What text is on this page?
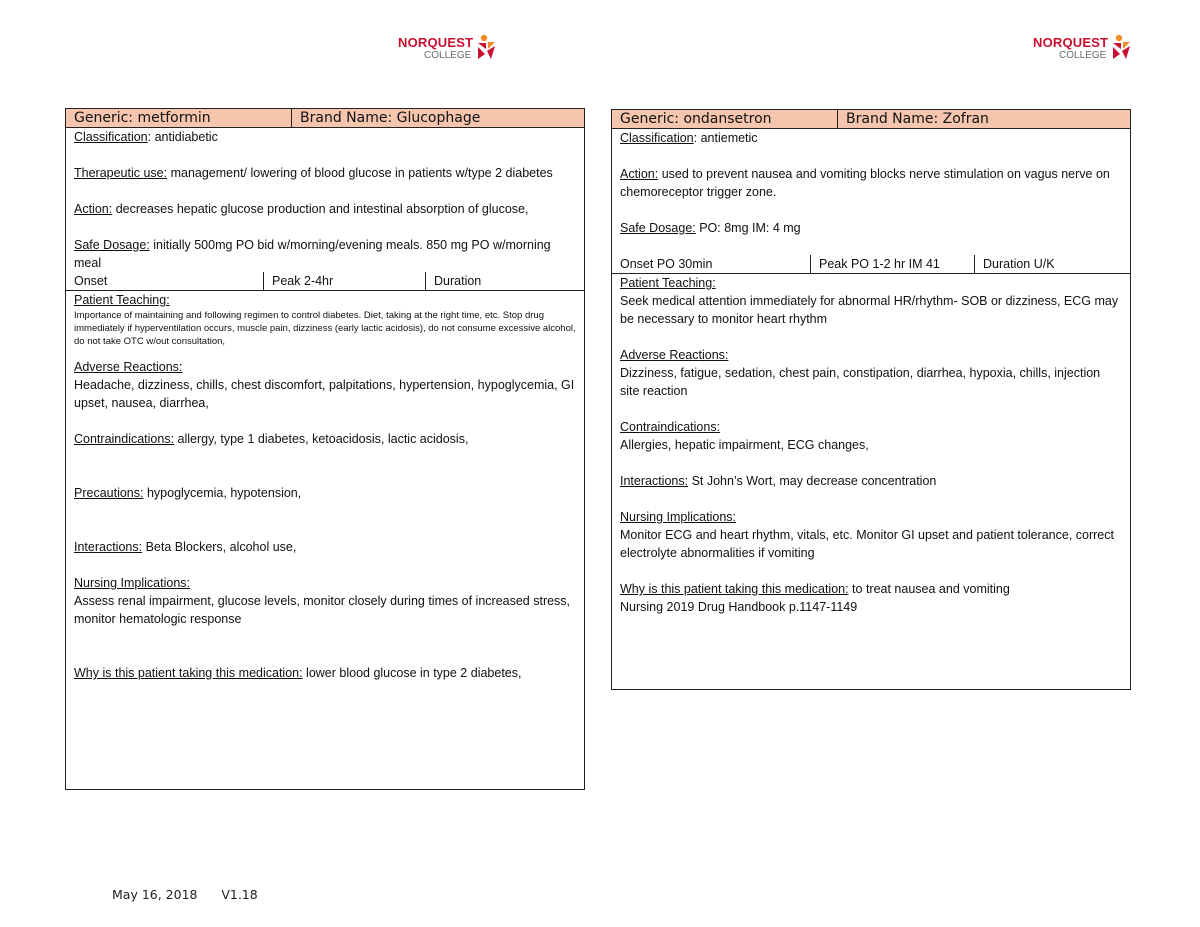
NORQUEST
COLLEGE
NORQUEST
COLLEGE
Generic: metformin	Brand Name: Glucophage

Classification: antidiabetic

Therapeutic use: management/ lowering of blood glucose in patients w/type 2 diabetes

Action: decreases hepatic glucose production and intestinal absorption of glucose,

Safe Dosage: initially 500mg PO bid w/morning/evening meals. 850 mg PO w/morning meal

Onset	Peak 2-4hr	Duration

Patient Teaching:

Importance of maintaining and following regimen to control diabetes. Diet, taking at the right time, etc. Stop drug immediately if hyperventilation occurs, muscle pain, dizziness (early lactic acidosis), do not consume excessive alcohol, do not take OTC w/out consultation,

Adverse Reactions:

Headache, dizziness, chills, chest discomfort, palpitations, hypertension, hypoglycemia, GI upset, nausea, diarrhea,

Contraindications: allergy, type 1 diabetes, ketoacidosis, lactic acidosis,

Precautions: hypoglycemia, hypotension,

Interactions: Beta Blockers, alcohol use,

Nursing Implications:

Assess renal impairment, glucose levels, monitor closely during times of increased stress, monitor hematologic response

Why is this patient taking this medication: lower blood glucose in type 2 diabetes,

Generic: ondansetron	Brand Name: Zofran

Classification: antiemetic

Action: used to prevent nausea and vomiting blocks nerve stimulation on vagus nerve on chemoreceptor trigger zone.

Safe Dosage: PO: 8mg IM: 4 mg

Onset PO 30min	Peak PO 1-2 hr IM 41	Duration U/K

Patient Teaching:

Seek medical attention immediately for abnormal HR/rhythm- SOB or dizziness, ECG may be necessary to monitor heart rhythm

Adverse Reactions:

Dizziness, fatigue, sedation, chest pain, constipation, diarrhea, hypoxia, chills, injection site reaction

Contraindications:

Allergies, hepatic impairment, ECG changes,

Interactions: St John’s Wort, may decrease concentration

Nursing Implications:

Monitor ECG and heart rhythm, vitals, etc. Monitor GI upset and patient tolerance, correct electrolyte abnormalities if vomiting

Why is this patient taking this medication: to treat nausea and vomiting

Nursing 2019 Drug Handbook p.1147-1149

May 16, 2018 V1.18
